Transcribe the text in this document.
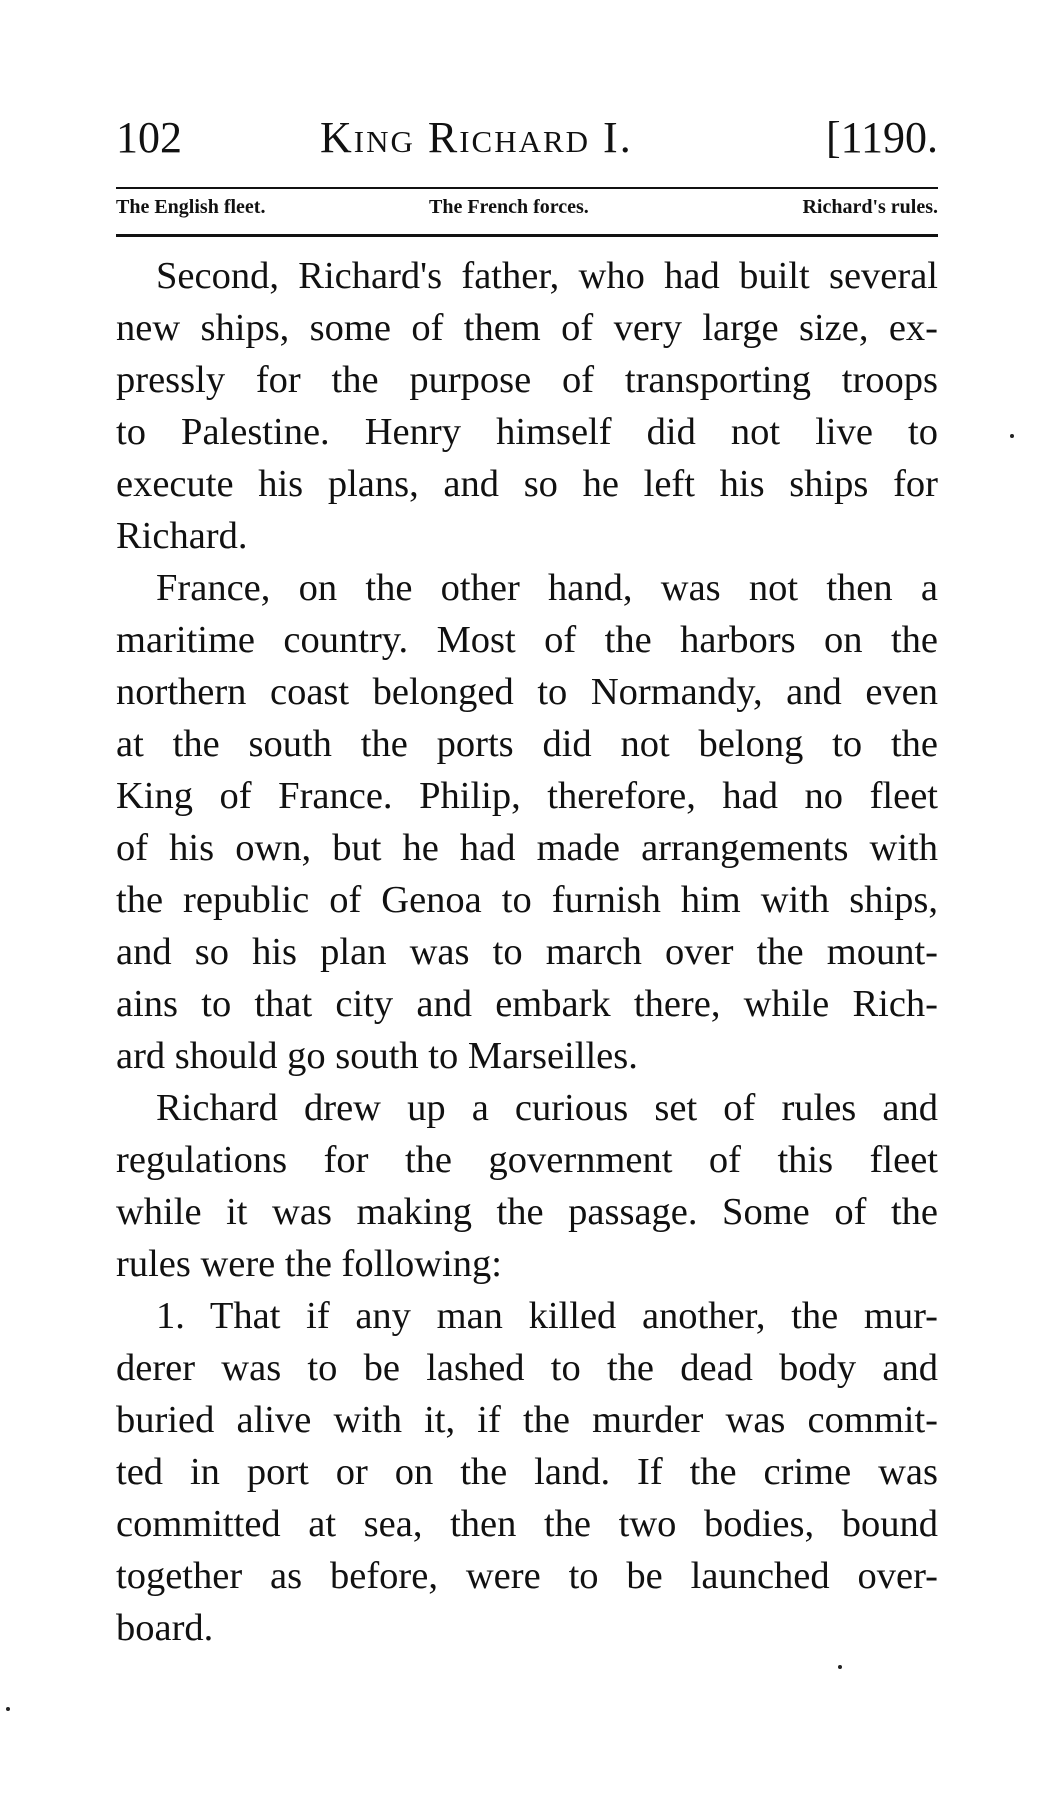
102	King Richard I.	[1190.
The English fleet.	The French forces.	Richard's rules.
Second, Richard's father, who had built several
new ships, some of them of very large size, ex-
pressly for the purpose of transporting troops
to Palestine. Henry himself did not live to
execute his plans, and so he left his ships for
Richard.
France, on the other hand, was not then a
maritime country. Most of the harbors on the
northern coast belonged to Normandy, and even
at the south the ports did not belong to the
King of France. Philip, therefore, had no fleet
of his own, but he had made arrangements with
the republic of Genoa to furnish him with ships,
and so his plan was to march over the mount-
ains to that city and embark there, while Rich-
ard should go south to Marseilles.
Richard drew up a curious set of rules and
regulations for the government of this fleet
while it was making the passage. Some of the
rules were the following:
1. That if any man killed another, the mur-
derer was to be lashed to the dead body and
buried alive with it, if the murder was commit-
ted in port or on the land. If the crime was
committed at sea, then the two bodies, bound
together as before, were to be launched over-
board.
